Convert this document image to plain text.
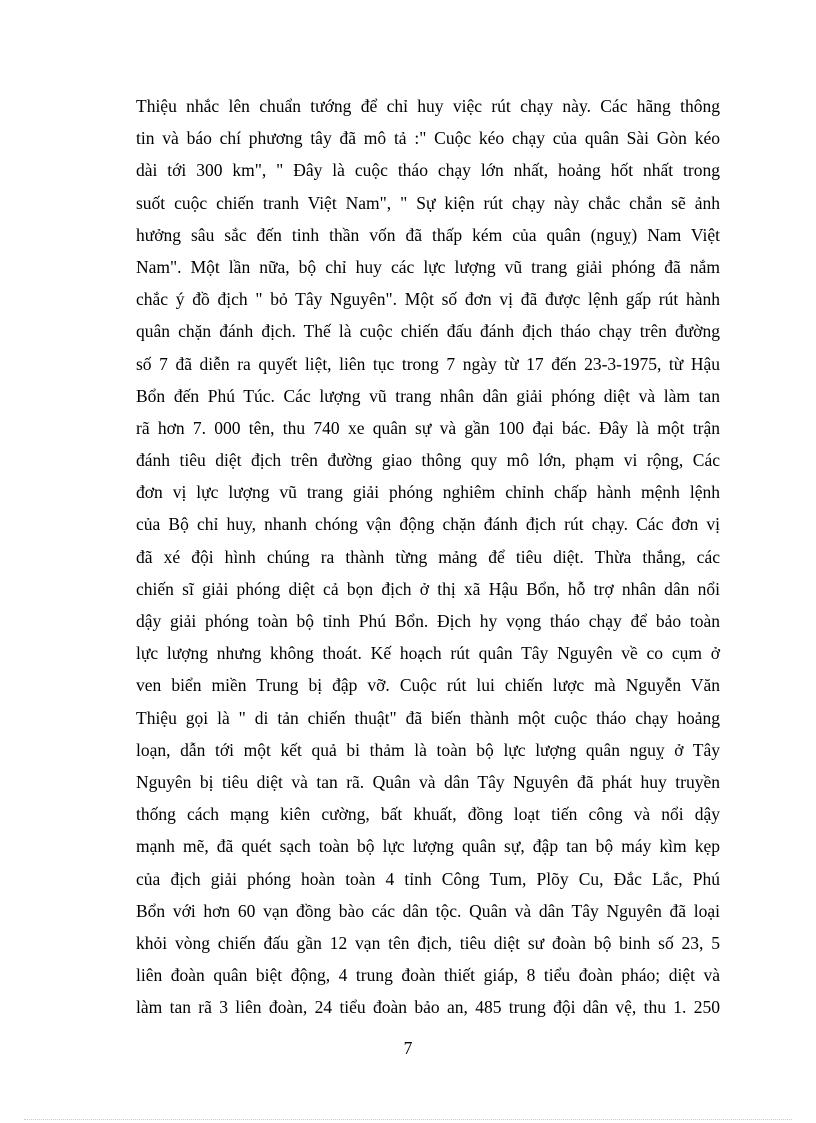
Thiệu nhắc lên chuẩn tướng để chỉ huy việc rút chạy này. Các hãng thông
tin và báo chí phương tây đã mô tả :" Cuộc kéo chạy của quân Sài Gòn kéo
dài tới 300 km", " Đây là cuộc tháo chạy lớn nhất, hoảng hốt nhất trong
suốt cuộc chiến tranh Việt Nam", " Sự kiện rút chạy này chắc chắn sẽ ảnh
hưởng sâu sắc đến tinh thần vốn đã thấp kém của quân (nguỵ) Nam Việt
Nam". Một lần nữa, bộ chỉ huy các lực lượng vũ trang giải phóng đã nắm
chắc ý đồ địch " bỏ Tây Nguyên". Một số đơn vị đã được lệnh gấp rút hành
quân chặn đánh địch. Thế là cuộc chiến đấu đánh địch tháo chạy trên đường
số 7 đã diễn ra quyết liệt, liên tục trong 7 ngày từ 17 đến 23-3-1975, từ Hậu
Bổn đến Phú Túc. Các lượng vũ trang nhân dân giải phóng diệt và làm tan
rã hơn 7. 000 tên, thu 740 xe quân sự và gần 100 đại bác. Đây là một trận
đánh tiêu diệt địch trên đường giao thông quy mô lớn, phạm vi rộng, Các
đơn vị lực lượng vũ trang giải phóng nghiêm chỉnh chấp hành mệnh lệnh
của Bộ chỉ huy, nhanh chóng vận động chặn đánh địch rút chạy. Các đơn vị
đã xé đội hình chúng ra thành từng mảng để tiêu diệt. Thừa thắng, các
chiến sĩ giải phóng diệt cả bọn địch ở thị xã Hậu Bổn, hỗ trợ nhân dân nổi
dậy giải phóng toàn bộ tỉnh Phú Bổn. Địch hy vọng tháo chạy để bảo toàn
lực lượng nhưng không thoát. Kế hoạch rút quân Tây Nguyên về co cụm ở
ven biển miền Trung bị đập vỡ. Cuộc rút lui chiến lược mà Nguyễn Văn
Thiệu gọi là " di tản chiến thuật" đã biến thành một cuộc tháo chạy hoảng
loạn, dẫn tới một kết quả bi thảm là toàn bộ lực lượng quân nguỵ ở Tây
Nguyên bị tiêu diệt và tan rã. Quân và dân Tây Nguyên đã phát huy truyền
thống cách mạng kiên cường, bất khuất, đồng loạt tiến công và nổi dậy
mạnh mẽ, đã quét sạch toàn bộ lực lượng quân sự, đập tan bộ máy kìm kẹp
của địch giải phóng hoàn toàn 4 tỉnh Công Tum, Plõy Cu, Đắc Lắc, Phú
Bổn với hơn 60 vạn đồng bào các dân tộc. Quân và dân Tây Nguyên đã loại
khỏi vòng chiến đấu gần 12 vạn tên địch, tiêu diệt sư đoàn bộ binh số 23, 5
liên đoàn quân biệt động, 4 trung đoàn thiết giáp, 8 tiểu đoàn pháo; diệt và
làm tan rã 3 liên đoàn, 24 tiểu đoàn bảo an, 485 trung đội dân vệ, thu 1. 250
7
